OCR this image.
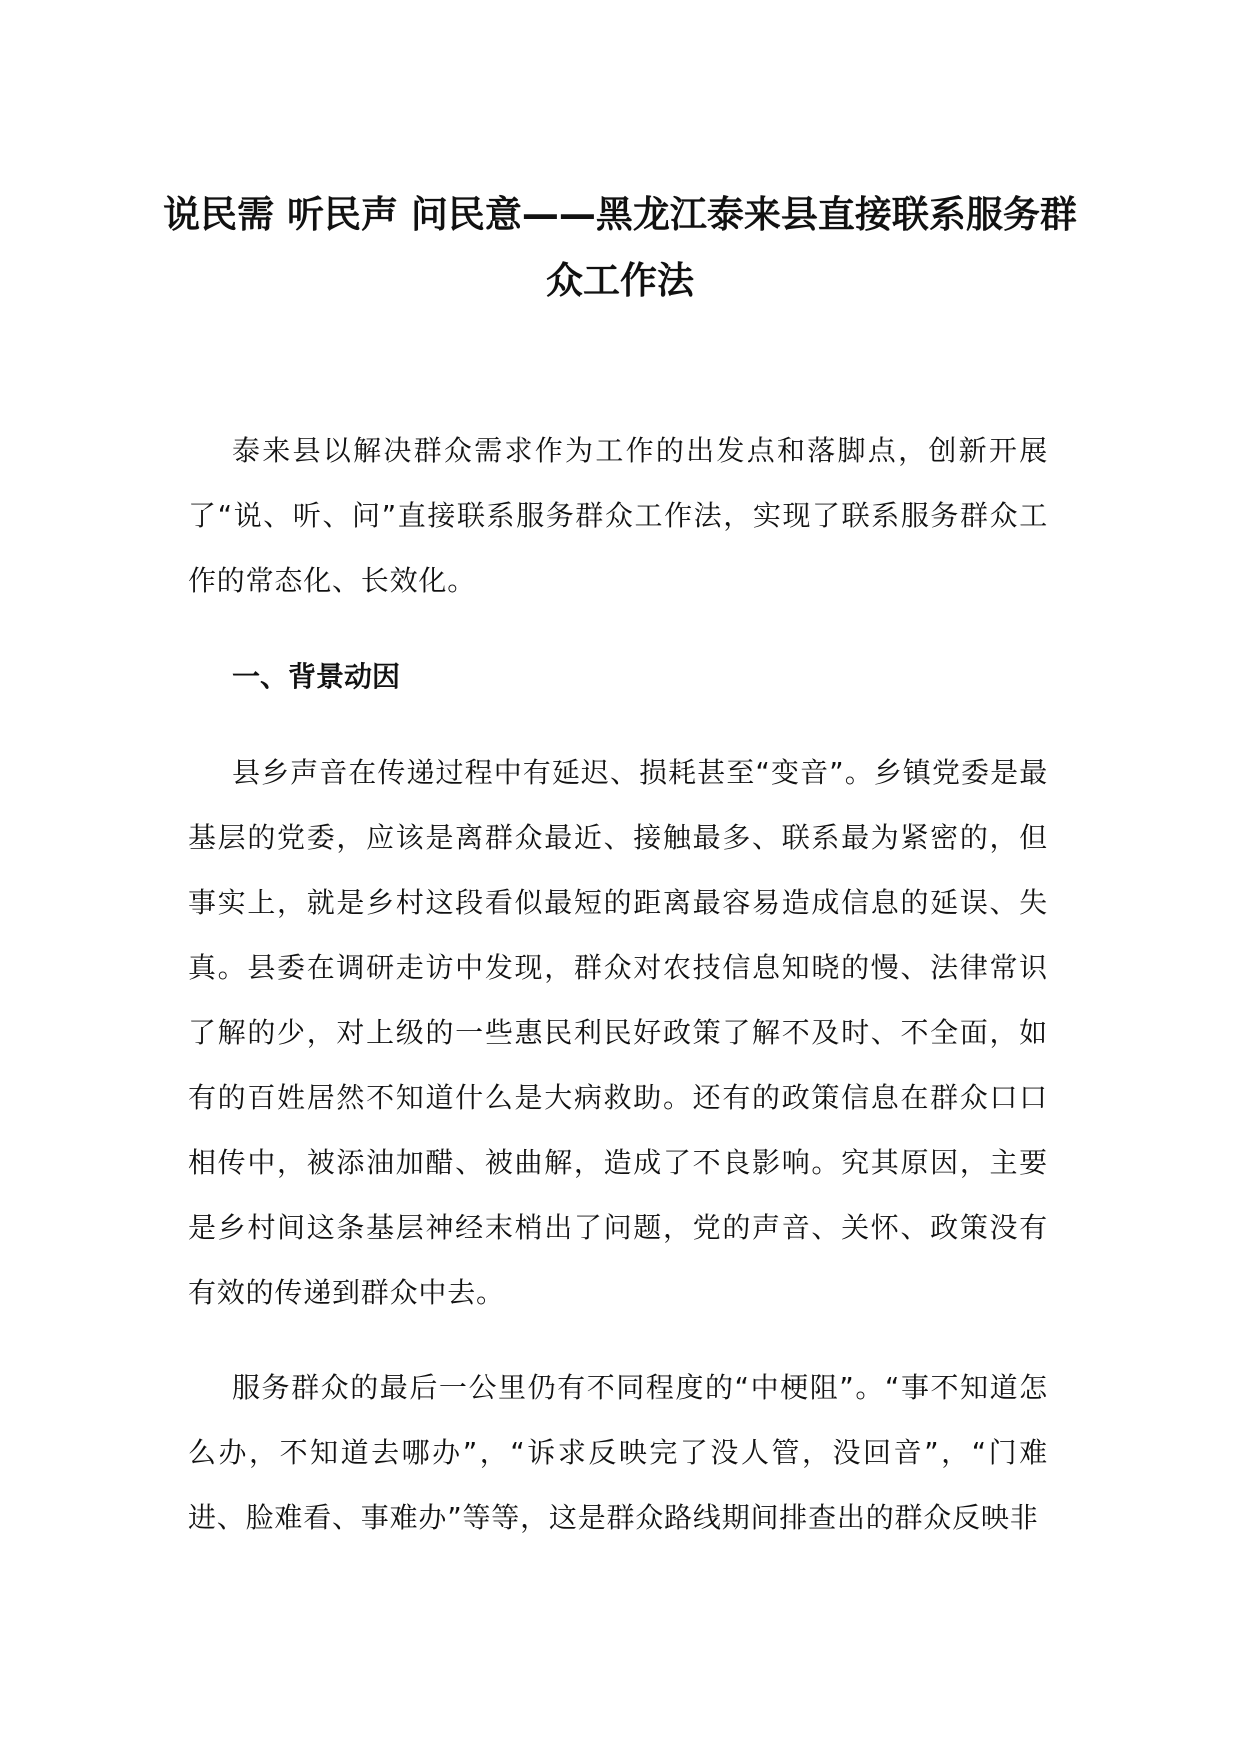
说民需 听民声 问民意——黑龙江泰来县直接联系服务群众工作法

泰来县以解决群众需求作为工作的出发点和落脚点，创新开展了“说、听、问”直接联系服务群众工作法，实现了联系服务群众工作的常态化、长效化。

一、背景动因

县乡声音在传递过程中有延迟、损耗甚至“变音”。乡镇党委是最基层的党委，应该是离群众最近、接触最多、联系最为紧密的，但事实上，就是乡村这段看似最短的距离最容易造成信息的延误、失真。县委在调研走访中发现，群众对农技信息知晓的慢、法律常识了解的少，对上级的一些惠民利民好政策了解不及时、不全面，如有的百姓居然不知道什么是大病救助。还有的政策信息在群众口口相传中，被添油加醋、被曲解，造成了不良影响。究其原因，主要是乡村间这条基层神经末梢出了问题，党的声音、关怀、政策没有有效的传递到群众中去。

服务群众的最后一公里仍有不同程度的“中梗阻”。“事不知道怎么办，不知道去哪办”，“诉求反映完了没人管，没回音”，“门难进、脸难看、事难办”等等，这是群众路线期间排查出的群众反映非
